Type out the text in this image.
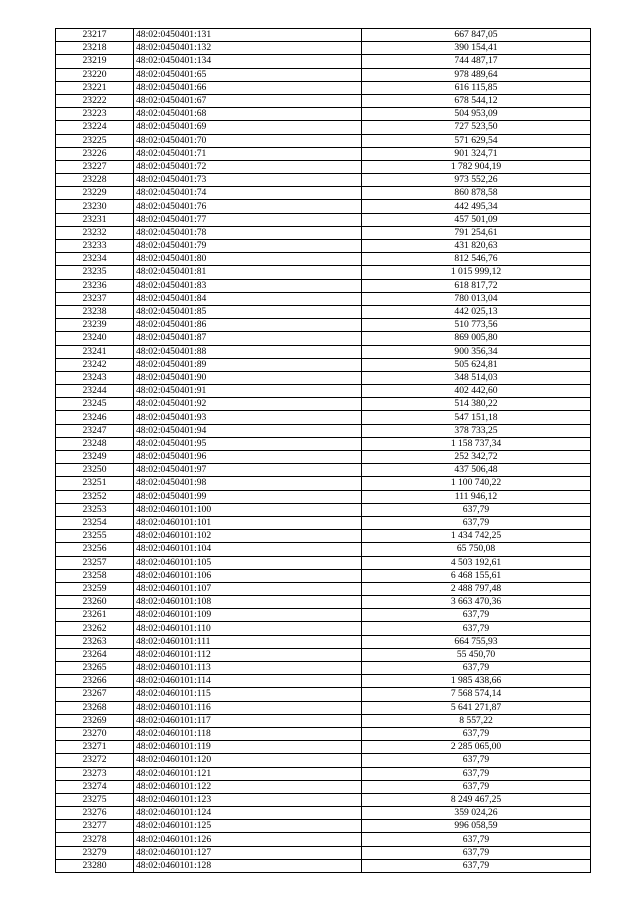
23217	48:02:0450401:131	667 847,05
23218	48:02:0450401:132	390 154,41
23219	48:02:0450401:134	744 487,17
23220	48:02:0450401:65	978 489,64
23221	48:02:0450401:66	616 115,85
23222	48:02:0450401:67	678 544,12
23223	48:02:0450401:68	504 953,09
23224	48:02:0450401:69	727 523,50
23225	48:02:0450401:70	571 629,54
23226	48:02:0450401:71	901 324,71
23227	48:02:0450401:72	1 782 904,19
23228	48:02:0450401:73	973 552,26
23229	48:02:0450401:74	860 878,58
23230	48:02:0450401:76	442 495,34
23231	48:02:0450401:77	457 501,09
23232	48:02:0450401:78	791 254,61
23233	48:02:0450401:79	431 820,63
23234	48:02:0450401:80	812 546,76
23235	48:02:0450401:81	1 015 999,12
23236	48:02:0450401:83	618 817,72
23237	48:02:0450401:84	780 013,04
23238	48:02:0450401:85	442 025,13
23239	48:02:0450401:86	510 773,56
23240	48:02:0450401:87	869 005,80
23241	48:02:0450401:88	900 356,34
23242	48:02:0450401:89	505 624,81
23243	48:02:0450401:90	348 514,03
23244	48:02:0450401:91	402 442,60
23245	48:02:0450401:92	514 380,22
23246	48:02:0450401:93	547 151,18
23247	48:02:0450401:94	378 733,25
23248	48:02:0450401:95	1 158 737,34
23249	48:02:0450401:96	252 342,72
23250	48:02:0450401:97	437 506,48
23251	48:02:0450401:98	1 100 740,22
23252	48:02:0450401:99	111 946,12
23253	48:02:0460101:100	637,79
23254	48:02:0460101:101	637,79
23255	48:02:0460101:102	1 434 742,25
23256	48:02:0460101:104	65 750,08
23257	48:02:0460101:105	4 503 192,61
23258	48:02:0460101:106	6 468 155,61
23259	48:02:0460101:107	2 488 797,48
23260	48:02:0460101:108	3 663 470,36
23261	48:02:0460101:109	637,79
23262	48:02:0460101:110	637,79
23263	48:02:0460101:111	664 755,93
23264	48:02:0460101:112	55 450,70
23265	48:02:0460101:113	637,79
23266	48:02:0460101:114	1 985 438,66
23267	48:02:0460101:115	7 568 574,14
23268	48:02:0460101:116	5 641 271,87
23269	48:02:0460101:117	8 557,22
23270	48:02:0460101:118	637,79
23271	48:02:0460101:119	2 285 065,00
23272	48:02:0460101:120	637,79
23273	48:02:0460101:121	637,79
23274	48:02:0460101:122	637,79
23275	48:02:0460101:123	8 249 467,25
23276	48:02:0460101:124	359 024,26
23277	48:02:0460101:125	996 058,59
23278	48:02:0460101:126	637,79
23279	48:02:0460101:127	637,79
23280	48:02:0460101:128	637,79
